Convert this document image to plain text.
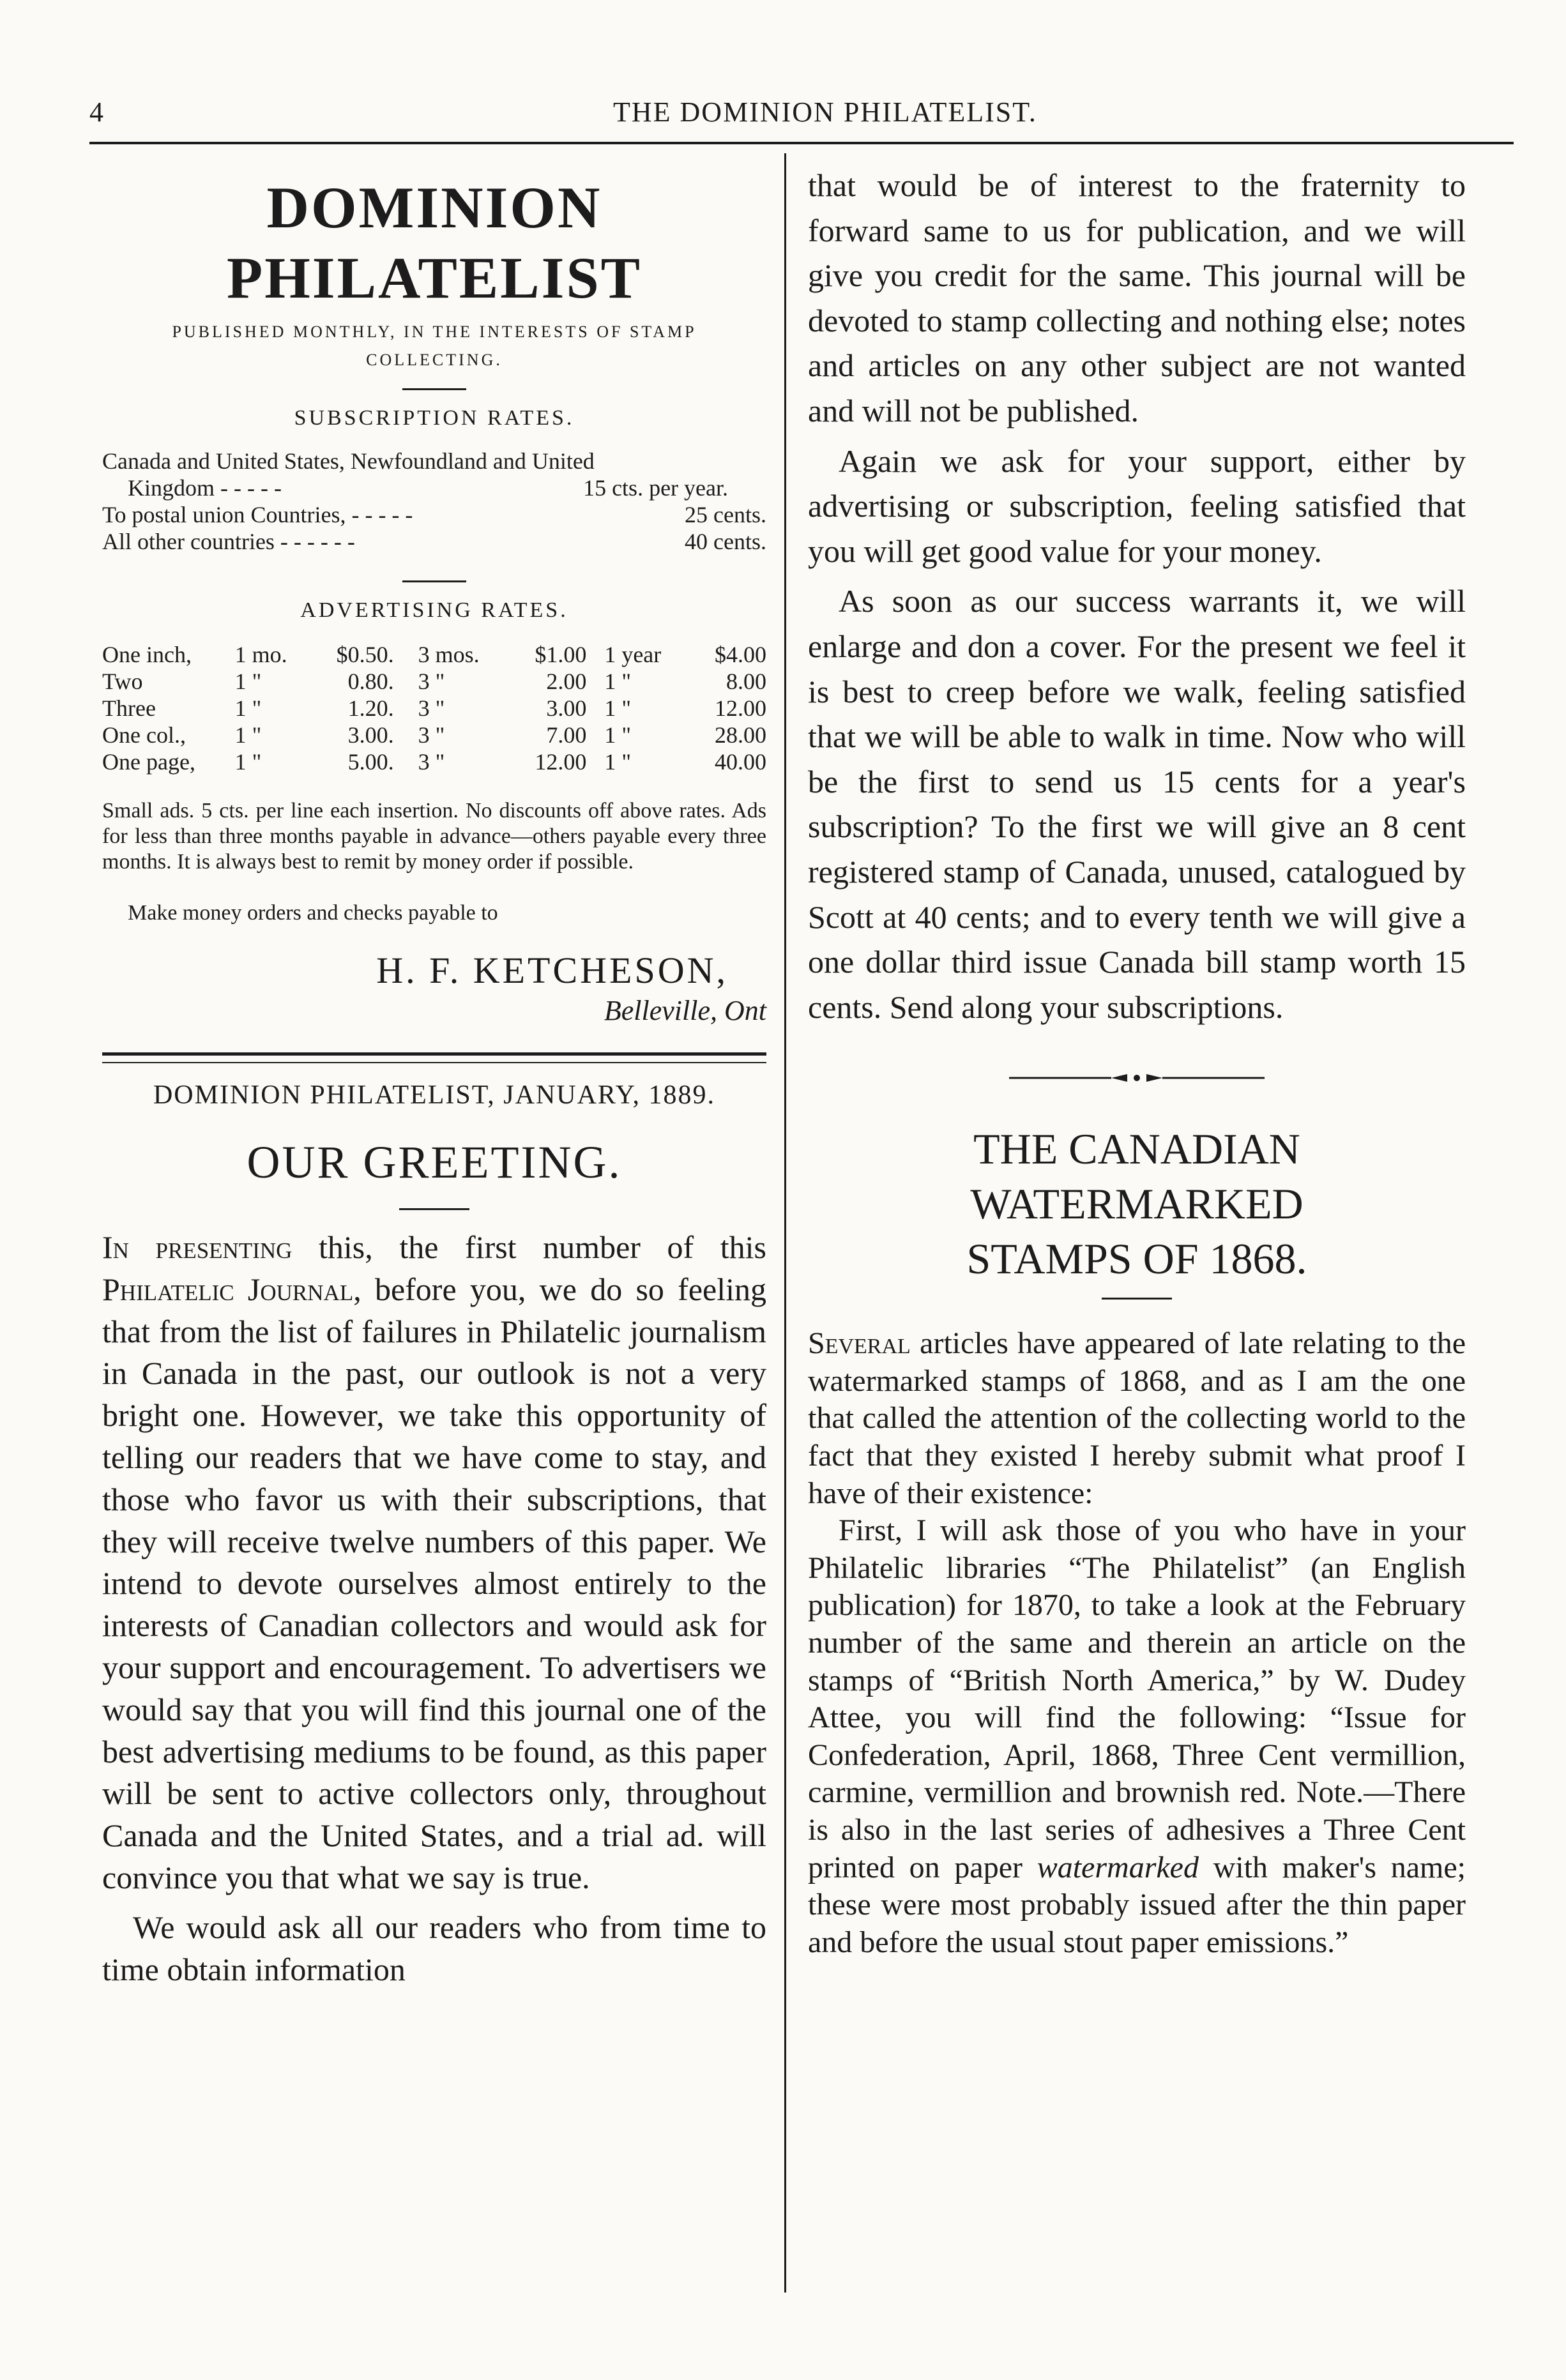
4	THE DOMINION PHILATELIST.
DOMINION PHILATELIST
PUBLISHED MONTHLY, IN THE INTERESTS OF STAMP
COLLECTING.
SUBSCRIPTION RATES.
Canada and United States, Newfoundland and United
Kingdom - - - - -	15 cts. per year.
To postal union Countries, - - - - -	25 cents.
All other countries - - - - - -	40 cents.
ADVERTISING RATES.
One inch,	1 mo.	$0.50.	3 mos.	$1.00	1 year	$4.00
Two	1 "	0.80.	3 "	2.00	1 "	8.00
Three	1 "	1.20.	3 "	3.00	1 "	12.00
One col.,	1 "	3.00.	3 "	7.00	1 "	28.00
One page,	1 "	5.00.	3 "	12.00	1 "	40.00
Small ads. 5 cts. per line each insertion. No discounts off above rates. Ads for less than three months payable in advance—others payable every three months. It is always best to remit by money order if possible.
Make money orders and checks payable to
H. F. KETCHESON,
Belleville, Ont
DOMINION PHILATELIST, JANUARY, 1889.
OUR GREETING.

In presenting this, the first number of this Philatelic Journal, before you, we do so feeling that from the list of failures in Philatelic journalism in Canada in the past, our outlook is not a very bright one. However, we take this opportunity of telling our readers that we have come to stay, and those who favor us with their subscriptions, that they will receive twelve numbers of this paper. We intend to devote ourselves almost entirely to the interests of Canadian collectors and would ask for your support and encouragement. To advertisers we would say that you will find this journal one of the best advertising mediums to be found, as this paper will be sent to active collectors only, throughout Canada and the United States, and a trial ad. will convince you that what we say is true.

We would ask all our readers who from time to time obtain information

that would be of interest to the fraternity to forward same to us for publication, and we will give you credit for the same. This journal will be devoted to stamp collecting and nothing else; notes and articles on any other subject are not wanted and will not be published.

Again we ask for your support, either by advertising or subscription, feeling satisfied that you will get good value for your money.

As soon as our success warrants it, we will enlarge and don a cover. For the present we feel it is best to creep before we walk, feeling satisfied that we will be able to walk in time. Now who will be the first to send us 15 cents for a year's subscription? To the first we will give an 8 cent registered stamp of Canada, unused, catalogued by Scott at 40 cents; and to every tenth we will give a one dollar third issue Canada bill stamp worth 15 cents. Send along your subscriptions.

THE CANADIAN WATERMARKED
STAMPS OF 1868.

Several articles have appeared of late relating to the watermarked stamps of 1868, and as I am the one that called the attention of the collecting world to the fact that they existed I hereby submit what proof I have of their existence:

First, I will ask those of you who have in your Philatelic libraries “The Philatelist” (an English publication) for 1870, to take a look at the February number of the same and therein an article on the stamps of “British North America,” by W. Dudey Attee, you will find the following: “Issue for Confederation, April, 1868, Three Cent vermillion, carmine, vermillion and brownish red. Note.—There is also in the last series of adhesives a Three Cent printed on paper watermarked with maker's name; these were most probably issued after the thin paper and before the usual stout paper emissions.”
